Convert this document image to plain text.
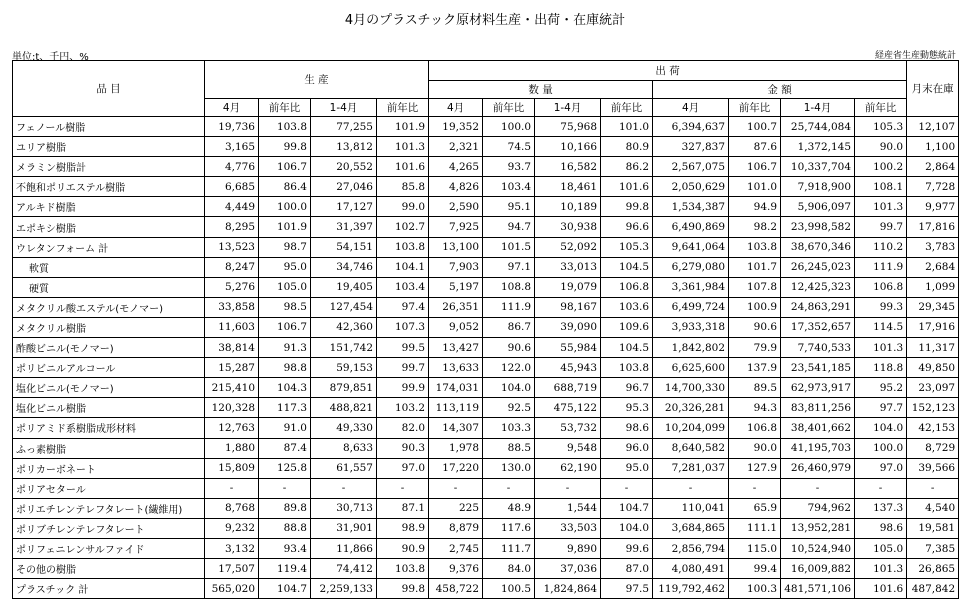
4月のプラスチック原材料生産・出荷・在庫統計
単位:t、千円、%	経産省生産動態統計
品 目	生 産				出 荷								月末在庫
					数 量				金 額				
	4月	前年比	1-4月	前年比	4月	前年比	1-4月	前年比	4月	前年比	1-4月	前年比	
フェノール樹脂	19,736	103.8	77,255	101.9	19,352	100.0	75,968	101.0	6,394,637	100.7	25,744,084	105.3	12,107
ユリア樹脂	3,165	99.8	13,812	101.3	2,321	74.5	10,166	80.9	327,837	87.6	1,372,145	90.0	1,100
メラミン樹脂計	4,776	106.7	20,552	101.6	4,265	93.7	16,582	86.2	2,567,075	106.7	10,337,704	100.2	2,864
不飽和ポリエステル樹脂	6,685	86.4	27,046	85.8	4,826	103.4	18,461	101.6	2,050,629	101.0	7,918,900	108.1	7,728
アルキド樹脂	4,449	100.0	17,127	99.0	2,590	95.1	10,189	99.8	1,534,387	94.9	5,906,097	101.3	9,977
エポキシ樹脂	8,295	101.9	31,397	102.7	7,925	94.7	30,938	96.6	6,490,869	98.2	23,998,582	99.7	17,816
ウレタンフォーム 計	13,523	98.7	54,151	103.8	13,100	101.5	52,092	105.3	9,641,064	103.8	38,670,346	110.2	3,783
軟質	8,247	95.0	34,746	104.1	7,903	97.1	33,013	104.5	6,279,080	101.7	26,245,023	111.9	2,684
硬質	5,276	105.0	19,405	103.4	5,197	108.8	19,079	106.8	3,361,984	107.8	12,425,323	106.8	1,099
メタクリル酸エステル(モノマー)	33,858	98.5	127,454	97.4	26,351	111.9	98,167	103.6	6,499,724	100.9	24,863,291	99.3	29,345
メタクリル樹脂	11,603	106.7	42,360	107.3	9,052	86.7	39,090	109.6	3,933,318	90.6	17,352,657	114.5	17,916
酢酸ビニル(モノマー)	38,814	91.3	151,742	99.5	13,427	90.6	55,984	104.5	1,842,802	79.9	7,740,533	101.3	11,317
ポリビニルアルコール	15,287	98.8	59,153	99.7	13,633	122.0	45,943	103.8	6,625,600	137.9	23,541,185	118.8	49,850
塩化ビニル(モノマー)	215,410	104.3	879,851	99.9	174,031	104.0	688,719	96.7	14,700,330	89.5	62,973,917	95.2	23,097
塩化ビニル樹脂	120,328	117.3	488,821	103.2	113,119	92.5	475,122	95.3	20,326,281	94.3	83,811,256	97.7	152,123
ポリアミド系樹脂成形材料	12,763	91.0	49,330	82.0	14,307	103.3	53,732	98.6	10,204,099	106.8	38,401,662	104.0	42,153
ふっ素樹脂	1,880	87.4	8,633	90.3	1,978	88.5	9,548	96.0	8,640,582	90.0	41,195,703	100.0	8,729
ポリカーボネート	15,809	125.8	61,557	97.0	17,220	130.0	62,190	95.0	7,281,037	127.9	26,460,979	97.0	39,566
ポリアセタール	-	-	-	-	-	-	-	-	-	-	-	-	-
ポリエチレンテレフタレート(繊維用)	8,768	89.8	30,713	87.1	225	48.9	1,544	104.7	110,041	65.9	794,962	137.3	4,540
ポリブチレンテレフタレート	9,232	88.8	31,901	98.9	8,879	117.6	33,503	104.0	3,684,865	111.1	13,952,281	98.6	19,581
ポリフェニレンサルファイド	3,132	93.4	11,866	90.9	2,745	111.7	9,890	99.6	2,856,794	115.0	10,524,940	105.0	7,385
その他の樹脂	17,507	119.4	74,412	103.8	9,376	84.0	37,036	87.0	4,080,491	99.4	16,009,882	101.3	26,865
プラスチック 計	565,020	104.7	2,259,133	99.8	458,722	100.5	1,824,864	97.5	119,792,462	100.3	481,571,106	101.6	487,842
